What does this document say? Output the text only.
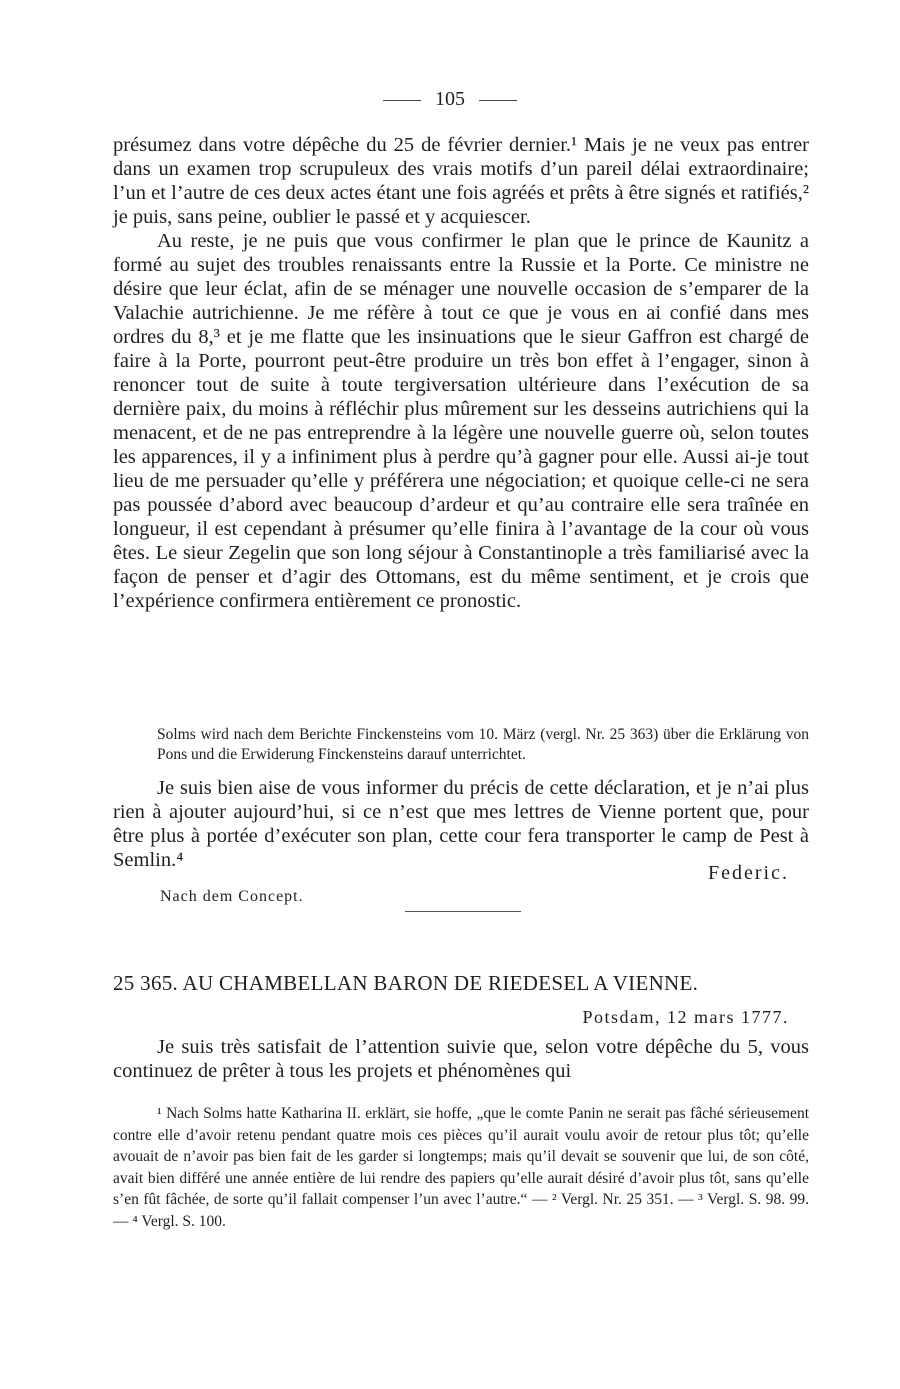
105

présumez dans votre dépêche du 25 de février dernier.¹ Mais je ne veux pas entrer dans un examen trop scrupuleux des vrais motifs d’un pareil délai extraordinaire; l’un et l’autre de ces deux actes étant une fois agréés et prêts à être signés et ratifiés,² je puis, sans peine, oublier le passé et y acquiescer.

Au reste, je ne puis que vous confirmer le plan que le prince de Kaunitz a formé au sujet des troubles renaissants entre la Russie et la Porte. Ce ministre ne désire que leur éclat, afin de se ménager une nouvelle occasion de s’emparer de la Valachie autrichienne. Je me réfère à tout ce que je vous en ai confié dans mes ordres du 8,³ et je me flatte que les insinuations que le sieur Gaffron est chargé de faire à la Porte, pourront peut-être produire un très bon effet à l’engager, sinon à renoncer tout de suite à toute tergiversation ultérieure dans l’exécution de sa dernière paix, du moins à réfléchir plus mûrement sur les desseins autrichiens qui la menacent, et de ne pas entreprendre à la légère une nouvelle guerre où, selon toutes les apparences, il y a infiniment plus à perdre qu’à gagner pour elle. Aussi ai-je tout lieu de me persuader qu’elle y préférera une négociation; et quoique celle-ci ne sera pas poussée d’abord avec beaucoup d’ardeur et qu’au contraire elle sera traînée en longueur, il est cependant à présumer qu’elle finira à l’avantage de la cour où vous êtes. Le sieur Zegelin que son long séjour à Constantinople a très familiarisé avec la façon de penser et d’agir des Ottomans, est du même sentiment, et je crois que l’expérience confirmera entièrement ce pronostic.

Solms wird nach dem Berichte Finckensteins vom 10. März (vergl. Nr. 25 363) über die Erklärung von Pons und die Erwiderung Finckensteins darauf unterrichtet.

Je suis bien aise de vous informer du précis de cette déclaration, et je n’ai plus rien à ajouter aujourd’hui, si ce n’est que mes lettres de Vienne portent que, pour être plus à portée d’exécuter son plan, cette cour fera transporter le camp de Pest à Semlin.⁴

Federic.
Nach dem Concept.
25 365. AU CHAMBELLAN BARON DE RIEDESEL A VIENNE.
Potsdam, 12 mars 1777.

Je suis très satisfait de l’attention suivie que, selon votre dépêche du 5, vous continuez de prêter à tous les projets et phénomènes qui

¹ Nach Solms hatte Katharina II. erklärt, sie hoffe, „que le comte Panin ne serait pas fâché sérieusement contre elle d’avoir retenu pendant quatre mois ces pièces qu’il aurait voulu avoir de retour plus tôt; qu’elle avouait de n’avoir pas bien fait de les garder si longtemps; mais qu’il devait se souvenir que lui, de son côté, avait bien différé une année entière de lui rendre des papiers qu’elle aurait désiré d’avoir plus tôt, sans qu’elle s’en fût fâchée, de sorte qu’il fallait compenser l’un avec l’autre.“ — ² Vergl. Nr. 25 351. — ³ Vergl. S. 98. 99. — ⁴ Vergl. S. 100.
